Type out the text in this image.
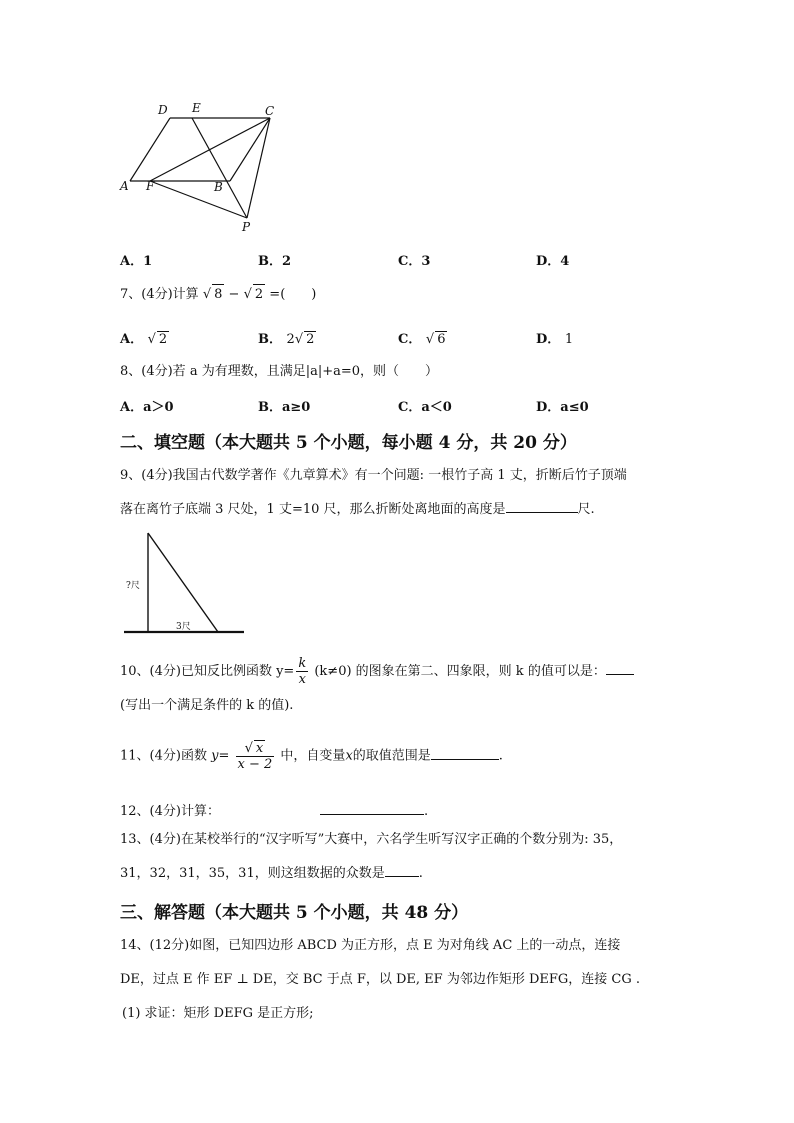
D E	C
A F	B
P
A．1	B．2	C．3	D．4
7、(4分)计算 √ 8 − √ 2 =(　　)
A． √ 2	B． 2√ 2	C． √ 6	D． 1
8、(4分)若 a 为有理数，且满足|a|+a=0，则（　　）
A．a＞0	B．a≥0	C．a＜0	D．a≤0
二、填空题（本大题共 5 个小题，每小题 4 分，共 20 分）
9、(4分)我国古代数学著作《九章算术》有一个问题: 一根竹子高 1 丈，折断后竹子顶端
落在离竹子底端 3 尺处，1 丈=10 尺，那么折断处离地面的高度是	尺.
?尺
3尺
10、(4分)已知反比例函数 $y= \frac{k}{x} (k\ne 0)$ 的图象在第二、四象限，则 k 的值可以是：
(写出一个满足条件的 k 的值).
11、(4分)函数 $y= \frac{√ x}{x - 2}$ 中，自变量x的取值范围是	.
12、(4分)计算：	.
13、(4分)在某校举行的“汉字听写”大赛中，六名学生听写汉字正确的个数分别为: 35，
31，32，31，35，31，则这组数据的众数是	.
三、解答题（本大题共 5 个小题，共 48 分）
14、(12分)如图，已知四边形 ABCD 为正方形，点 E 为对角线 AC 上的一动点，连接
DE，过点 E 作 EF ⊥ DE，交 BC 于点 F，以 DE, EF 为邻边作矩形 DEFG，连接 CG .
(1) 求证：矩形 DEFG 是正方形;
